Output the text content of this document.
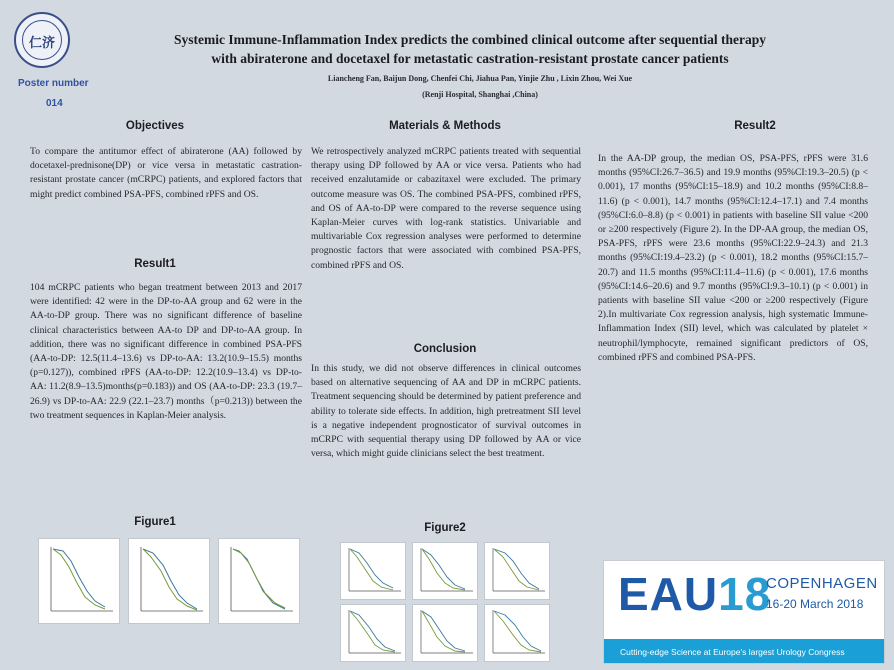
仁济
Poster number
014
Systemic Immune-Inflammation Index predicts the combined clinical outcome after sequential therapy
with abiraterone and docetaxel for metastatic castration-resistant prostate cancer patients
Liancheng Fan, Baijun Dong, Chenfei Chi, Jiahua Pan, Yinjie Zhu , Lixin Zhou, Wei Xue
(Renji Hospital, Shanghai ,China)
Objectives
To compare the antitumor effect of abiraterone (AA) followed by docetaxel-prednisone(DP) or vice versa in metastatic castration-resistant prostate cancer (mCRPC) patients, and explored factors that might predict combined PSA-PFS, combined rPFS and OS.
Result1
104 mCRPC patients who began treatment between 2013 and 2017 were identified: 42 were in the DP-to-AA group and 62 were in the AA-to-DP group. There was no significant difference of baseline clinical characteristics between AA-to DP and DP-to-AA group. In addition, there was no significant difference in combined PSA-PFS (AA-to-DP: 12.5(11.4–13.6) vs DP-to-AA: 13.2(10.9–15.5) months (p=0.127)), combined rPFS (AA-to-DP: 12.2(10.9–13.4) vs DP-to-AA: 11.2(8.9–13.5)months(p=0.183)) and OS (AA-to-DP: 23.3 (19.7–26.9) vs DP-to-AA: 22.9 (22.1–23.7) months（p=0.213)) between the two treatment sequences in Kaplan-Meier analysis.
Figure1
Materials & Methods
We retrospectively analyzed mCRPC patients treated with sequential therapy using DP followed by AA or vice versa. Patients who had received enzalutamide or cabazitaxel were excluded. The primary outcome measure was OS. The combined PSA-PFS, combined rPFS, and OS of AA-to-DP were compared to the reverse sequence using Kaplan-Meier curves with log-rank statistics. Univariable and multivariable Cox regression analyses were performed to determine prognostic factors that were associated with combined PSA-PFS, combined rPFS and OS.
Conclusion
In this study, we did not observe differences in clinical outcomes based on alternative sequencing of AA and DP in mCRPC patients. Treatment sequencing should be determined by patient preference and ability to tolerate side effects. In addition, high pretreatment SII level is a negative independent prognosticator of survival outcomes in mCRPC with sequential therapy using DP followed by AA or vice versa, which might guide clinicians select the best treatment.
Figure2
Result2
In the AA-DP group, the median OS, PSA-PFS, rPFS were 31.6 months (95%CI:26.7–36.5) and 19.9 months (95%CI:19.3–20.5) (p < 0.001), 17 months (95%CI:15–18.9) and 10.2 months (95%CI:8.8–11.6) (p < 0.001), 14.7 months (95%CI:12.4–17.1) and 7.4 months (95%CI:6.0–8.8) (p < 0.001) in patients with baseline SII value <200 or ≥200 respectively (Figure 2). In the DP-AA group, the median OS, PSA-PFS, rPFS were 23.6 months (95%CI:22.9–24.3) and 21.3 months (95%CI:19.4–23.2) (p < 0.001), 18.2 months (95%CI:15.7–20.7) and 11.5 months (95%CI:11.4–11.6) (p < 0.001), 17.6 months (95%CI:14.6–20.6) and 9.7 months (95%CI:9.3–10.1) (p < 0.001) in patients with baseline SII value <200 or ≥200 respectively (Figure 2).In multivariate Cox regression analysis, high systematic Immune-Inflammation Index (SII) level, which was calculated by platelet × neutrophil/lymphocyte, remained significant predictors of OS, combined rPFS and combined PSA-PFS.
EAU18
COPENHAGEN
16-20 March 2018
Cutting-edge Science at Europe's largest Urology Congress
